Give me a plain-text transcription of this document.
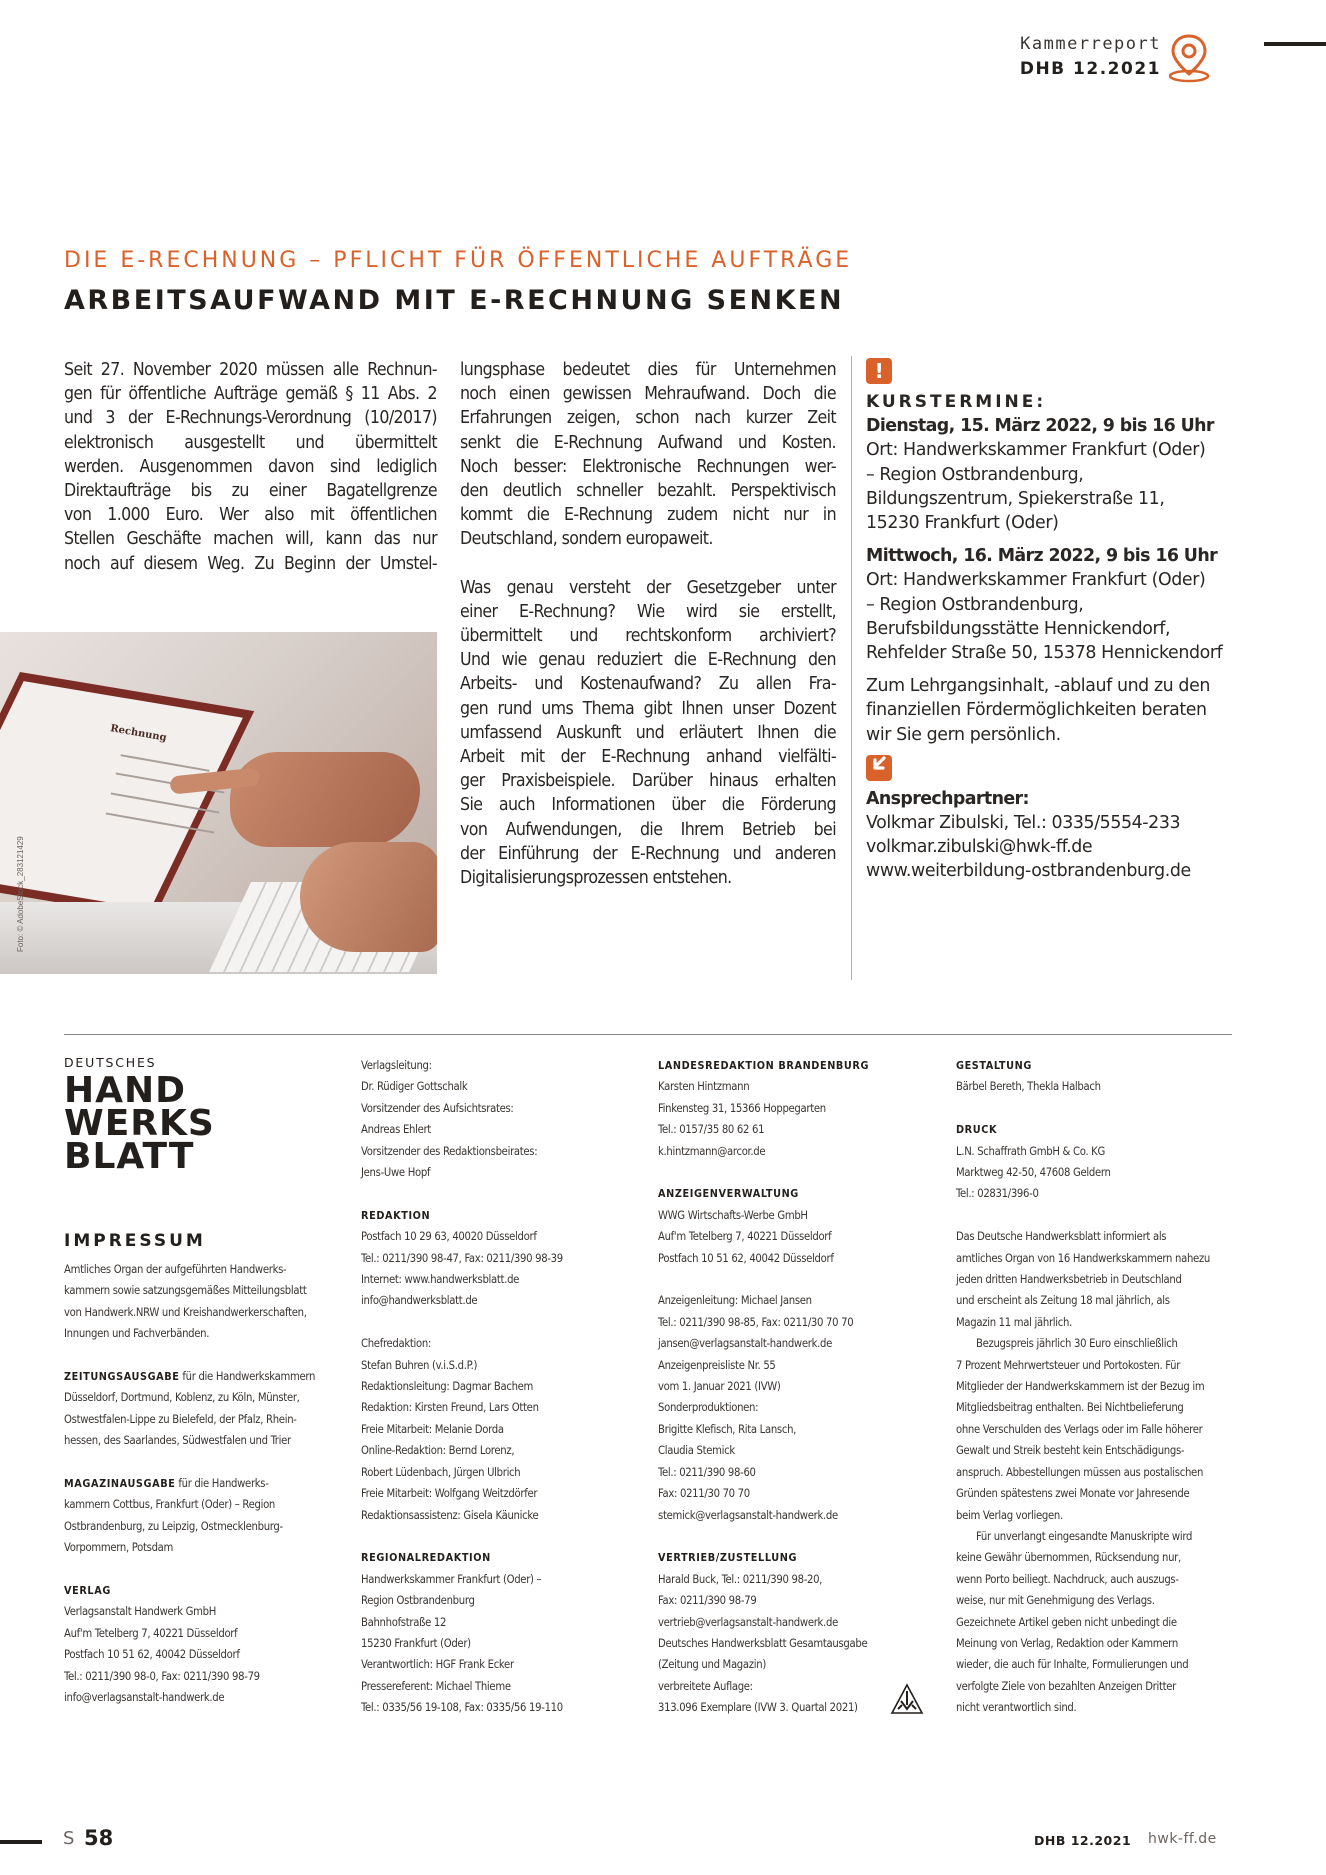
Kammerreport
DHB 12.2021
DIE E-RECHNUNG – PFLICHT FÜR ÖFFENTLICHE AUFTRÄGE
ARBEITSAUFWAND MIT E-RECHNUNG SENKEN
Seit 27. November 2020 müssen alle Rechnun-
gen für öffentliche Aufträge gemäß § 11 Abs. 2
und 3 der E-Rechnungs-Verordnung (10/2017)
elektronisch ausgestellt und übermittelt
werden. Ausgenommen davon sind lediglich
Direktaufträge bis zu einer Bagatellgrenze
von 1.000 Euro. Wer also mit öffentlichen
Stellen Geschäfte machen will, kann das nur
noch auf diesem Weg. Zu Beginn der Umstel-
Rechnung
Foto: © AdobeStock_283121429
lungsphase bedeutet dies für Unternehmen
noch einen gewissen Mehraufwand. Doch die
Erfahrungen zeigen, schon nach kurzer Zeit
senkt die E-Rechnung Aufwand und Kosten.
Noch besser: Elektronische Rechnungen wer-
den deutlich schneller bezahlt. Perspektivisch
kommt die E-Rechnung zudem nicht nur in
Deutschland, sondern europaweit.
Was genau versteht der Gesetzgeber unter
einer E-Rechnung? Wie wird sie erstellt,
übermittelt und rechtskonform archiviert?
Und wie genau reduziert die E-Rechnung den
Arbeits- und Kostenaufwand? Zu allen Fra-
gen rund ums Thema gibt Ihnen unser Dozent
umfassend Auskunft und erläutert Ihnen die
Arbeit mit der E-Rechnung anhand vielfälti-
ger Praxisbeispiele. Darüber hinaus erhalten
Sie auch Informationen über die Förderung
von Aufwendungen, die Ihrem Betrieb bei
der Einführung der E-Rechnung und anderen
Digitalisierungsprozessen entstehen.
!
KURSTERMINE:
Dienstag, 15. März 2022, 9 bis 16 Uhr
Ort: Handwerkskammer Frankfurt (Oder)
– Region Ostbrandenburg,
Bildungszentrum, Spiekerstraße 11,
15230 Frankfurt (Oder)
Mittwoch, 16. März 2022, 9 bis 16 Uhr
Ort: Handwerkskammer Frankfurt (Oder)
– Region Ostbrandenburg,
Berufsbildungsstätte Hennickendorf,
Rehfelder Straße 50, 15378 Hennickendorf
Zum Lehrgangsinhalt, -ablauf und zu den
finanziellen Fördermöglichkeiten beraten
wir Sie gern persönlich.
Ansprechpartner:
Volkmar Zibulski, Tel.: 0335/5554-233
volkmar.zibulski@hwk-ff.de
www.weiterbildung-ostbrandenburg.de
DEUTSCHES
HAND
WERKS
BLATT
IMPRESSUM
Amtliches Organ der aufgeführten Handwerks-
kammern sowie satzungsgemäßes Mitteilungsblatt
von Handwerk.NRW und Kreishandwerkerschaften,
Innungen und Fachverbänden.
ZEITUNGSAUSGABE für die Handwerkskammern
Düsseldorf, Dortmund, Koblenz, zu Köln, Münster,
Ostwestfalen-Lippe zu Bielefeld, der Pfalz, Rhein-
hessen, des Saarlandes, Südwestfalen und Trier
MAGAZINAUSGABE für die Handwerks-
kammern Cottbus, Frankfurt (Oder) – Region
Ostbrandenburg, zu Leipzig, Ostmecklenburg-
Vorpommern, Potsdam
VERLAG
Verlagsanstalt Handwerk GmbH
Auf'm Tetelberg 7, 40221 Düsseldorf
Postfach 10 51 62, 40042 Düsseldorf
Tel.: 0211/390 98-0, Fax: 0211/390 98-79
info@verlagsanstalt-handwerk.de
Verlagsleitung:
Dr. Rüdiger Gottschalk
Vorsitzender des Aufsichtsrates:
Andreas Ehlert
Vorsitzender des Redaktionsbeirates:
Jens-Uwe Hopf
REDAKTION
Postfach 10 29 63, 40020 Düsseldorf
Tel.: 0211/390 98-47, Fax: 0211/390 98-39
Internet: www.handwerksblatt.de
info@handwerksblatt.de
Chefredaktion:
Stefan Buhren (v.i.S.d.P.)
Redaktionsleitung: Dagmar Bachem
Redaktion: Kirsten Freund, Lars Otten
Freie Mitarbeit: Melanie Dorda
Online-Redaktion: Bernd Lorenz,
Robert Lüdenbach, Jürgen Ulbrich
Freie Mitarbeit: Wolfgang Weitzdörfer
Redaktionsassistenz: Gisela Käunicke
REGIONALREDAKTION
Handwerkskammer Frankfurt (Oder) –
Region Ostbrandenburg
Bahnhofstraße 12
15230 Frankfurt (Oder)
Verantwortlich: HGF Frank Ecker
Pressereferent: Michael Thieme
Tel.: 0335/56 19-108, Fax: 0335/56 19-110
LANDESREDAKTION BRANDENBURG
Karsten Hintzmann
Finkensteg 31, 15366 Hoppegarten
Tel.: 0157/35 80 62 61
k.hintzmann@arcor.de
ANZEIGENVERWALTUNG
WWG Wirtschafts-Werbe GmbH
Auf'm Tetelberg 7, 40221 Düsseldorf
Postfach 10 51 62, 40042 Düsseldorf
Anzeigenleitung: Michael Jansen
Tel.: 0211/390 98-85, Fax: 0211/30 70 70
jansen@verlagsanstalt-handwerk.de
Anzeigenpreisliste Nr. 55
vom 1. Januar 2021 (IVW)
Sonderproduktionen:
Brigitte Klefisch, Rita Lansch,
Claudia Stemick
Tel.: 0211/390 98-60
Fax: 0211/30 70 70
stemick@verlagsanstalt-handwerk.de
VERTRIEB/ZUSTELLUNG
Harald Buck, Tel.: 0211/390 98-20,
Fax: 0211/390 98-79
vertrieb@verlagsanstalt-handwerk.de
Deutsches Handwerksblatt Gesamtausgabe
(Zeitung und Magazin)
verbreitete Auflage:
313.096 Exemplare (IVW 3. Quartal 2021)
GESTALTUNG
Bärbel Bereth, Thekla Halbach
DRUCK
L.N. Schaffrath GmbH & Co. KG
Marktweg 42-50, 47608 Geldern
Tel.: 02831/396-0
Das Deutsche Handwerksblatt informiert als
amtliches Organ von 16 Handwerkskammern nahezu
jeden dritten Handwerksbetrieb in Deutschland
und erscheint als Zeitung 18 mal jährlich, als
Magazin 11 mal jährlich.
Bezugspreis jährlich 30 Euro einschließlich
7 Prozent Mehrwertsteuer und Portokosten. Für
Mitglieder der Handwerkskammern ist der Bezug im
Mitgliedsbeitrag enthalten. Bei Nichtbelieferung
ohne Verschulden des Verlags oder im Falle höherer
Gewalt und Streik besteht kein Entschädigungs-
anspruch. Abbestellungen müssen aus postalischen
Gründen spätestens zwei Monate vor Jahresende
beim Verlag vorliegen.
Für unverlangt eingesandte Manuskripte wird
keine Gewähr übernommen, Rücksendung nur,
wenn Porto beiliegt. Nachdruck, auch auszugs-
weise, nur mit Genehmigung des Verlags.
Gezeichnete Artikel geben nicht unbedingt die
Meinung von Verlag, Redaktion oder Kammern
wieder, die auch für Inhalte, Formulierungen und
verfolgte Ziele von bezahlten Anzeigen Dritter
nicht verantwortlich sind.
S 58	DHB 12.2021 hwk-ff.de
